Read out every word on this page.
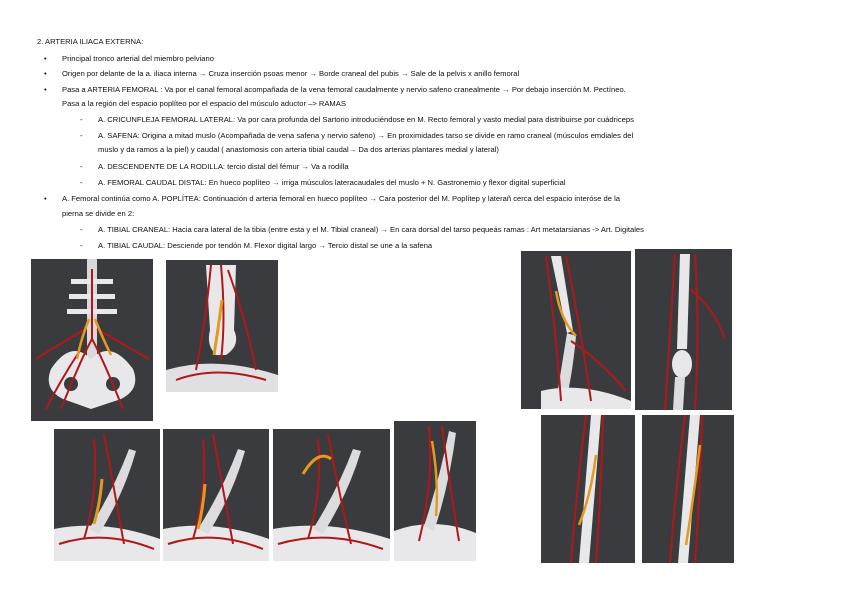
2. ARTERIA ILIACA EXTERNA:
• Principal tronco arterial del miembro pelviano
• Origen por delante de la a. iliaca interna → Cruza inserción psoas menor → Borde craneal del pubis → Sale de la pelvis x anillo femoral
• Pasa a ARTERIA FEMORAL : Va por el canal femoral acompañada de la vena femoral caudalmente y nervio safeno cranealmente → Por debajo inserción M. Pectíneo.
Pasa a la región del espacio poplíteo por el espacio del músculo aductor –> RAMAS
- A. CRICUNFLEJA FEMORAL LATERAL: Va por cara profunda del Sartorio introduciéndose en M. Recto femoral y vasto medial para distribuirse por cuádriceps
- A. SAFENA: Origina a mitad muslo (Acompañada de vena safena y nervio safeno) → En proximidades tarso se divide en ramo craneal (músculos emdiales del
muslo y da ramos a la piel) y caudal ( anastomosis con arteria tibial caudal→ Da dos arterias plantares medial y lateral)
- A. DESCENDENTE DE LA RODILLA: tercio distal del fémur → Va a rodilla
- A. FEMORAL CAUDAL DISTAL: En hueco poplíteo → irriga músculos lateracaudales del muslo + N. Gastronemio y flexor digital superficial
• A. Femoral continúa como A. POPLÍTEA: Continuación d arteria femoral en hueco poplíteo → Cara posterior del M. Poplítep y laterañ cerca del espacio interóse de la
pierna se divide en 2:
- A. TIBIAL CRANEAL: Hacia cara lateral de la tibia (entre esta y el M. Tibial craneal) → En cara dorsal del tarso pequeás ramas : Art metatarsianas -> Art. Digitales
- A. TIBIAL CAUDAL: Desciende por tendón M. Flexor digital largo → Tercio distal se une a la safena
